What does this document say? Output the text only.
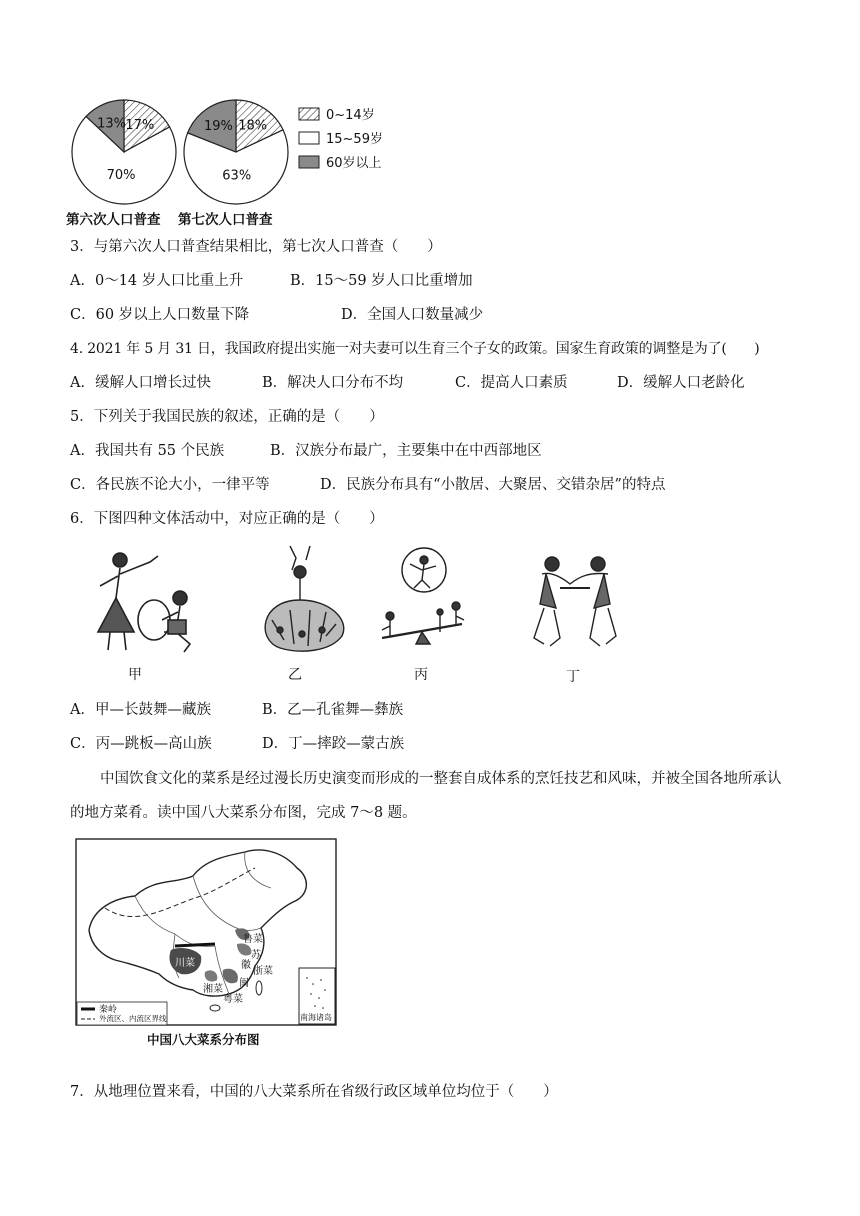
17%
70%
13%	18%
63%
19%
0~14岁
15~59岁
60岁以上
第六次人口普查 第七次人口普查
3．与第六次人口普查结果相比，第七次人口普查（　　）
A．0～14 岁人口比重上升	B．15～59 岁人口比重增加
C．60 岁以上人口数量下降	D．全国人口数量减少
4. 2021 年 5 月 31 日，我国政府提出实施一对夫妻可以生育三个子女的政策。国家生育政策的调整是为了(　　)
A．缓解人口增长过快	B．解决人口分布不均	C．提高人口素质	D．缓解人口老龄化
5．下列关于我国民族的叙述，正确的是（　　）
A．我国共有 55 个民族	B．汉族分布最广，主要集中在中西部地区
C．各民族不论大小，一律平等	D．民族分布具有“小散居、大聚居、交错杂居”的特点
6．下图四种文体活动中，对应正确的是（　　）
甲	乙	丙	丁
A．甲—长鼓舞—藏族	B．乙—孔雀舞—彝族
C．丙—跳板—高山族	D．丁—摔跤—蒙古族
中国饮食文化的菜系是经过漫长历史演变而形成的一整套自成体系的烹饪技艺和风味，并被全国各地所承认的地方菜肴。读中国八大菜系分布图，完成 7～8 题。
鲁菜
苏
徽
川菜
湘菜
浙菜
闽
粤菜
秦岭
外流区、内流区界线	南海诸岛
中国八大菜系分布图
7．从地理位置来看，中国的八大菜系所在省级行政区域单位均位于（　　）
